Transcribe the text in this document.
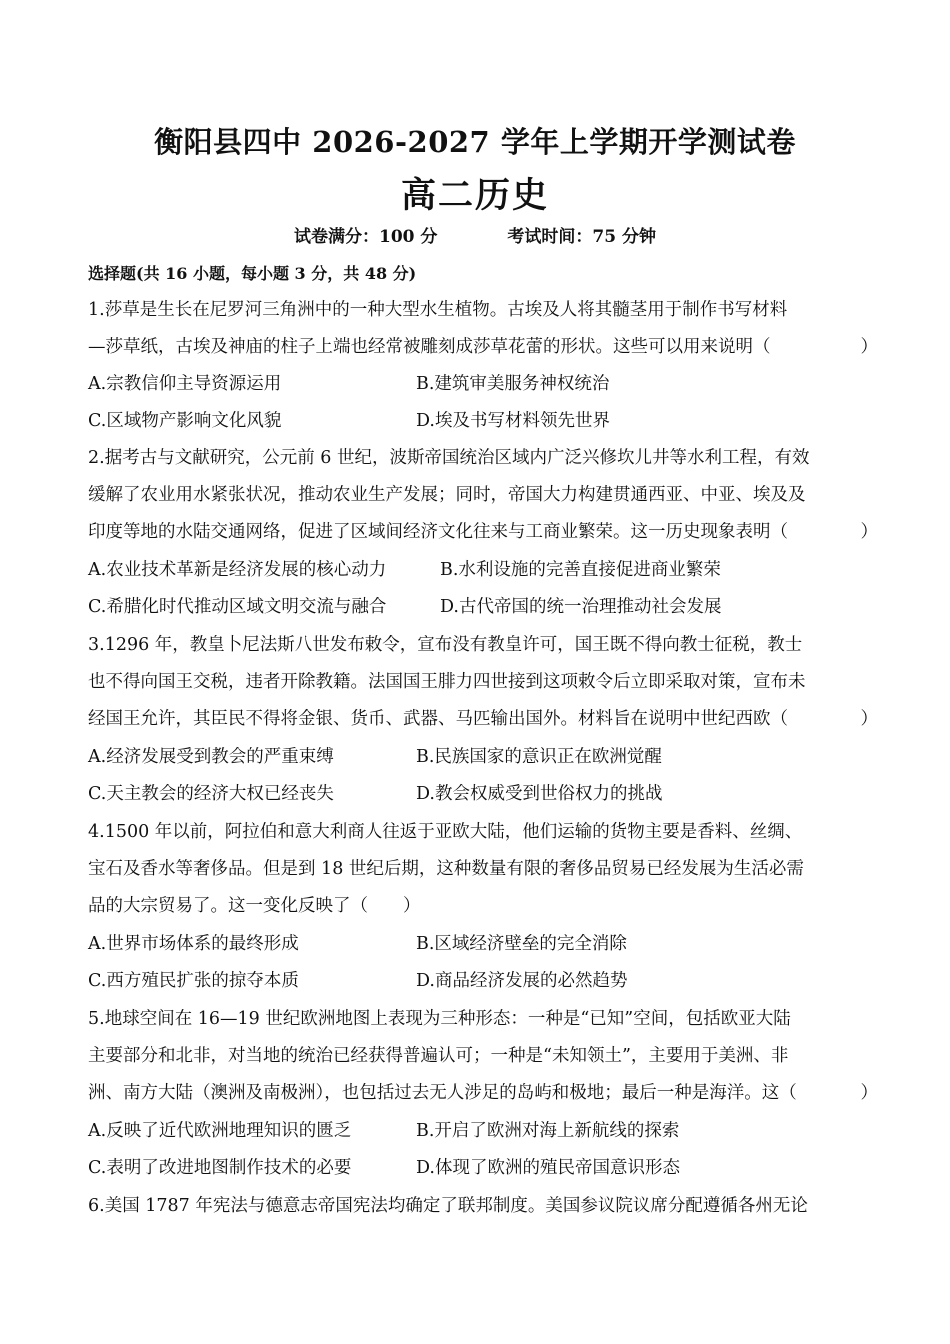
衡阳县四中 2026-2027 学年上学期开学测试卷
高二历史
试卷满分：100 分	考试时间：75 分钟
选择题(共 16 小题，每小题 3 分，共 48 分)
1.莎草是生长在尼罗河三角洲中的一种大型水生植物。古埃及人将其髓茎用于制作书写材料
—莎草纸，古埃及神庙的柱子上端也经常被雕刻成莎草花蕾的形状。这些可以用来说明（	）
A.宗教信仰主导资源运用	B.建筑审美服务神权统治
C.区域物产影响文化风貌	D.埃及书写材料领先世界
2.据考古与文献研究，公元前 6 世纪，波斯帝国统治区域内广泛兴修坎儿井等水利工程，有效
缓解了农业用水紧张状况，推动农业生产发展；同时，帝国大力构建贯通西亚、中亚、埃及及
印度等地的水陆交通网络，促进了区域间经济文化往来与工商业繁荣。这一历史现象表明（	）
A.农业技术革新是经济发展的核心动力	B.水利设施的完善直接促进商业繁荣
C.希腊化时代推动区域文明交流与融合	D.古代帝国的统一治理推动社会发展
3.1296 年，教皇卜尼法斯八世发布敕令，宣布没有教皇许可，国王既不得向教士征税，教士
也不得向国王交税，违者开除教籍。法国国王腓力四世接到这项敕令后立即采取对策，宣布未
经国王允许，其臣民不得将金银、货币、武器、马匹输出国外。材料旨在说明中世纪西欧（	）
A.经济发展受到教会的严重束缚	B.民族国家的意识正在欧洲觉醒
C.天主教会的经济大权已经丧失	D.教会权威受到世俗权力的挑战
4.1500 年以前，阿拉伯和意大利商人往返于亚欧大陆，他们运输的货物主要是香料、丝绸、
宝石及香水等奢侈品。但是到 18 世纪后期，这种数量有限的奢侈品贸易已经发展为生活必需
品的大宗贸易了。这一变化反映了（　　）
A.世界市场体系的最终形成	B.区域经济壁垒的完全消除
C.西方殖民扩张的掠夺本质	D.商品经济发展的必然趋势
5.地球空间在 16—19 世纪欧洲地图上表现为三种形态：一种是“已知”空间，包括欧亚大陆
主要部分和北非，对当地的统治已经获得普遍认可；一种是“未知领土”，主要用于美洲、非
洲、南方大陆（澳洲及南极洲），也包括过去无人涉足的岛屿和极地；最后一种是海洋。这（	）
A.反映了近代欧洲地理知识的匮乏	B.开启了欧洲对海上新航线的探索
C.表明了改进地图制作技术的必要	D.体现了欧洲的殖民帝国意识形态
6.美国 1787 年宪法与德意志帝国宪法均确定了联邦制度。美国参议院议席分配遵循各州无论
